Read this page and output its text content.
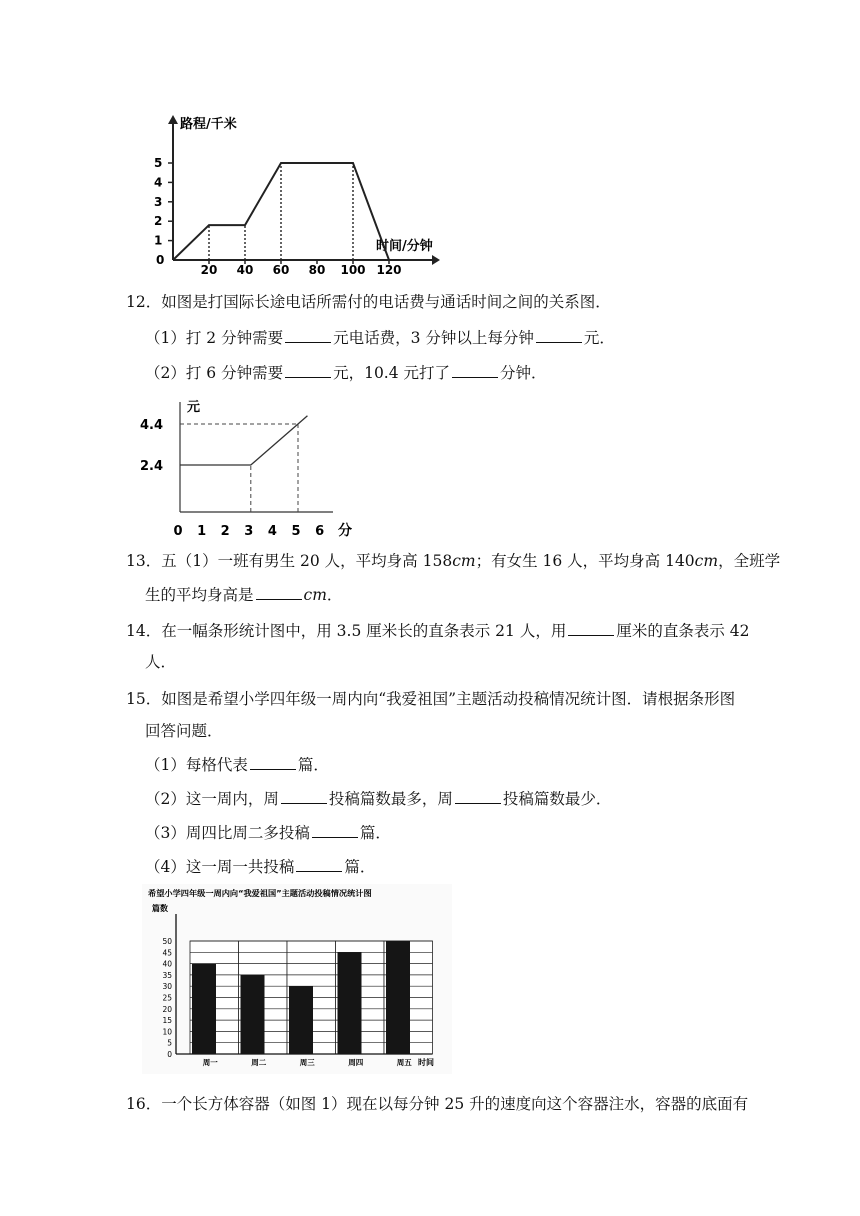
路程/千米
时间/分钟
0
1
2
3
4
5
20 40 60 80 100 120
12．如图是打国际长途电话所需付的电话费与通话时间之间的关系图．
（1）打 2 分钟需要	元电话费，3 分钟以上每分钟	元．
（2）打 6 分钟需要	元，10.4 元打了	分钟．
元
分
0 1 2 3 4 5 6
2.4
4.4
13．五（1）一班有男生 20 人，平均身高 158cm；有女生 16 人，平均身高 140cm，全班学
生的平均身高是	cm．
14．在一幅条形统计图中，用 3.5 厘米长的直条表示 21 人，用	厘米的直条表示 42
人．
15．如图是希望小学四年级一周内向“我爱祖国”主题活动投稿情况统计图．请根据条形图
回答问题．
（1）每格代表	篇．
（2）这一周内，周	投稿篇数最多，周	投稿篇数最少．
（3）周四比周二多投稿	篇．
（4）这一周一共投稿	篇．
希望小学四年级一周内向“我爱祖国”主题活动投稿情况统计图
篇数
时间
0
5
10
15
20
25
30
35
40
45
50
周一	周二	周三	周四	周五
16．一个长方体容器（如图 1）现在以每分钟 25 升的速度向这个容器注水，容器的底面有
